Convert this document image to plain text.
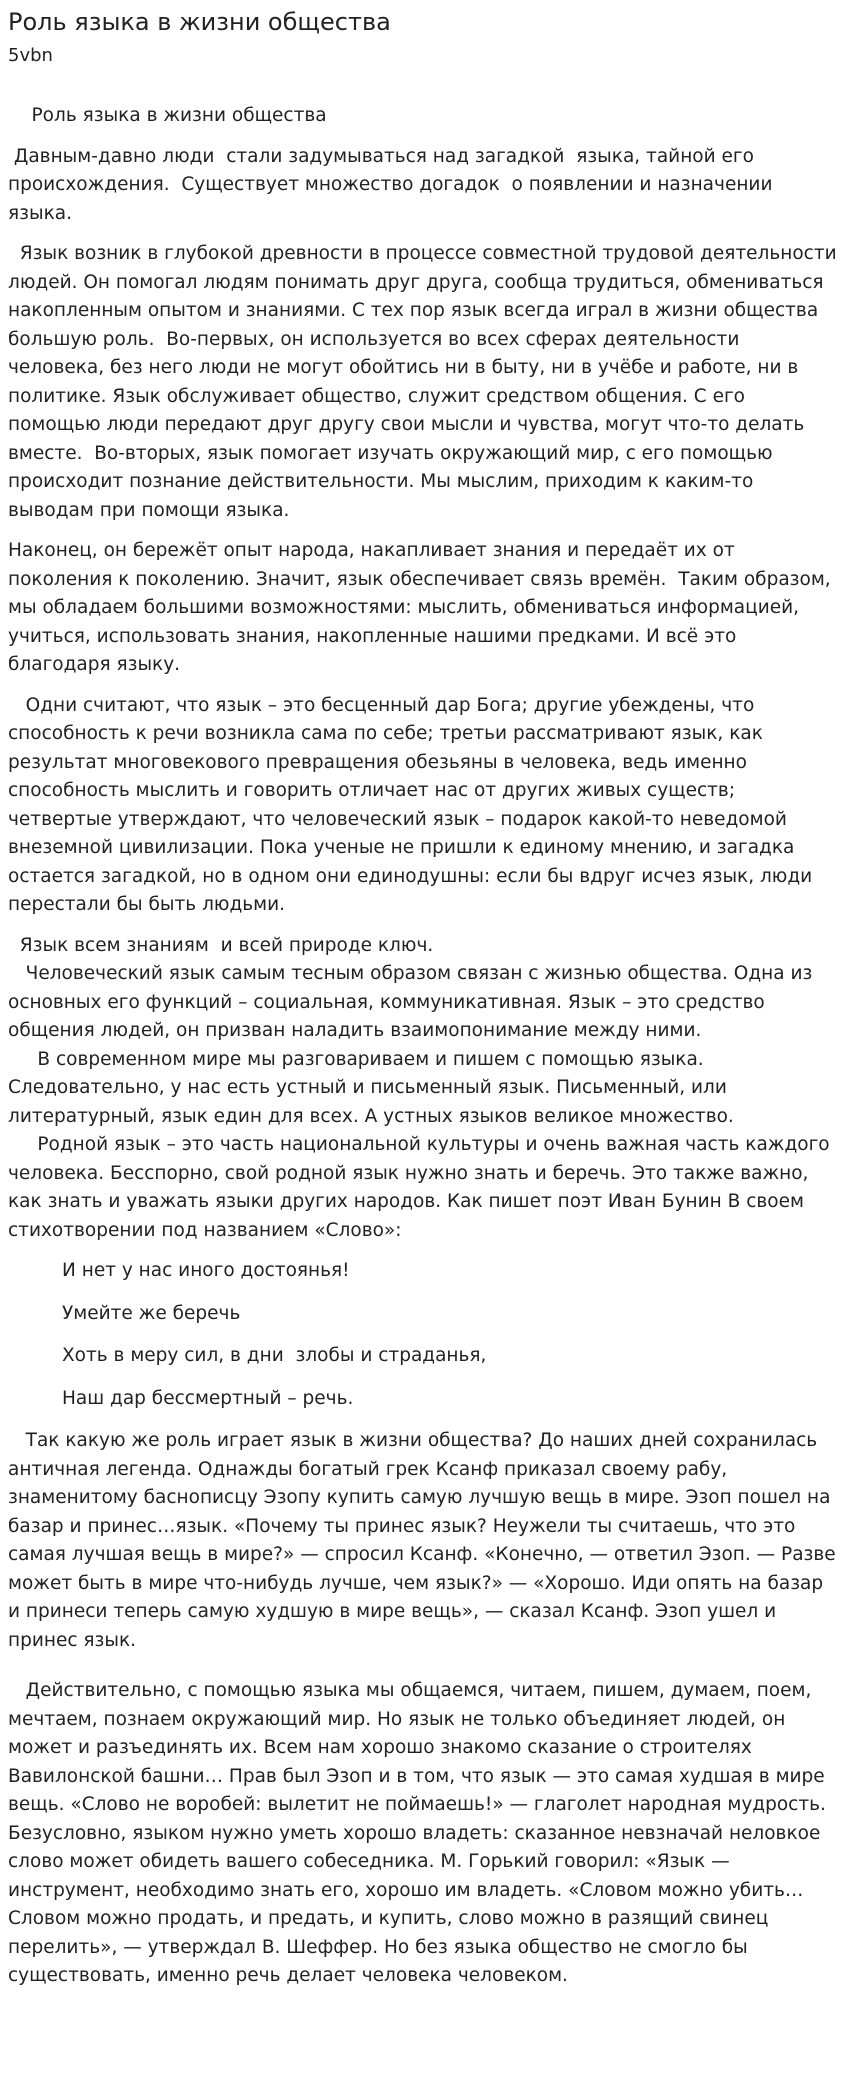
Роль языка в жизни общества
5vbn

Роль языка в жизни общества

Давным-давно люди  стали задумываться над загадкой  языка, тайной его происхождения.  Существует множество догадок  о появлении и назначении языка.

Язык возник в глубокой древности в процессе совместной трудовой деятельности людей. Он помогал людям понимать друг друга, сообща трудиться, обмениваться накопленным опытом и знаниями. С тех пор язык всегда играл в жизни общества большую роль.  Во-первых, он используется во всех сферах деятельности человека, без него люди не могут обойтись ни в быту, ни в учёбе и работе, ни в политике. Язык обслуживает общество, служит средством общения. С его помощью люди передают друг другу свои мысли и чувства, могут что-то делать вместе.  Во-вторых, язык помогает изучать окружающий мир, с его помощью происходит познание действительности. Мы мыслим, приходим к каким-то выводам при помощи языка.

Наконец, он бережёт опыт народа, накапливает знания и передаёт их от поколения к поколению. Значит, язык обеспечивает связь времён.  Таким образом, мы обладаем большими возможностями: мыслить, обмениваться информацией, учиться, использовать знания, накопленные нашими предками. И всё это благодаря языку.

Одни считают, что язык – это бесценный дар Бога; другие убеждены, что способность к речи возникла сама по себе; третьи рассматривают язык, как результат многовекового превращения обезьяны в человека, ведь именно способность мыслить и говорить отличает нас от других живых существ; четвертые утверждают, что человеческий язык – подарок какой-то неведомой внеземной цивилизации. Пока ученые не пришли к единому мнению, и загадка остается загадкой, но в одном они единодушны: если бы вдруг исчез язык, люди перестали бы быть людьми.

Язык всем знаниям  и всей природе ключ.

Человеческий язык самым тесным образом связан с жизнью общества. Одна из основных его функций – социальная, коммуникативная. Язык – это средство общения людей, он призван наладить взаимопонимание между ними.

В современном мире мы разговариваем и пишем с помощью языка. Следовательно, у нас есть устный и письменный язык. Письменный, или литературный, язык един для всех. А устных языков великое множество.

Родной язык – это часть национальной культуры и очень важная часть каждого человека. Бесспорно, свой родной язык нужно знать и беречь. Это также важно, как знать и уважать языки других народов. Как пишет поэт Иван Бунин В своем стихотворении под названием «Слово»:

И нет у нас иного достоянья!

Умейте же беречь

Хоть в меру сил, в дни  злобы и страданья,

Наш дар бессмертный – речь.

Так какую же роль играет язык в жизни общества? До наших дней сохранилась античная легенда. Однажды богатый грек Ксанф приказал своему рабу, знаменитому баснописцу Эзопу купить самую лучшую вещь в мире. Эзоп пошел на базар и принес…язык. «Почему ты принес язык? Неужели ты считаешь, что это самая лучшая вещь в мире?» — спросил Ксанф. «Конечно, — ответил Эзоп. — Разве может быть в мире что-нибудь лучше, чем язык?» — «Хорошо. Иди опять на базар и принеси теперь самую худшую в мире вещь», — сказал Ксанф. Эзоп ушел и принес язык.

Действительно, с помощью языка мы общаемся, читаем, пишем, думаем, поем, мечтаем, познаем окружающий мир. Но язык не только объединяет людей, он может и разъединять их. Всем нам хорошо знакомо сказание о строителях Вавилонской башни… Прав был Эзоп и в том, что язык — это самая худшая в мире вещь. «Слово не воробей: вылетит не поймаешь!» — глаголет народная мудрость. Безусловно, языком нужно уметь хорошо владеть: сказанное невзначай неловкое слово может обидеть вашего собеседника. М. Горький говорил: «Язык — инструмент, необходимо знать его, хорошо им владеть. «Словом можно убить… Словом можно продать, и предать, и купить, слово можно в разящий свинец перелить», — утверждал В. Шеффер. Но без языка общество не смогло бы существовать, именно речь делает человека человеком.
